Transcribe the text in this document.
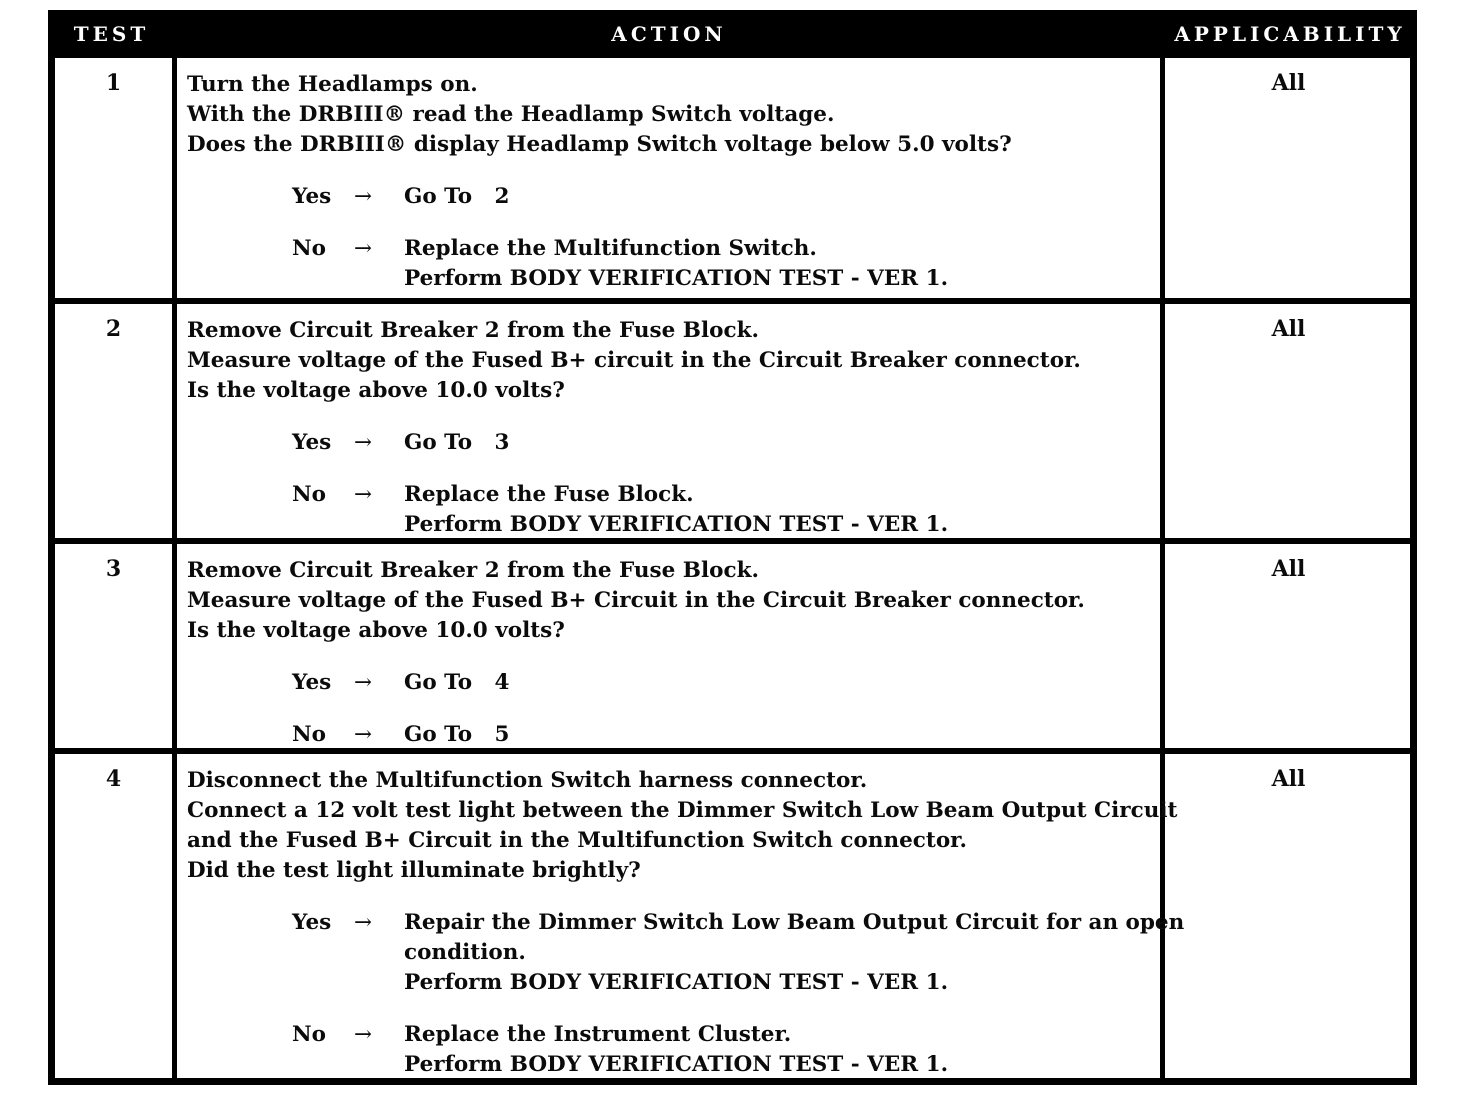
TEST	ACTION	APPLICABILITY
1	Turn the Headlamps on.
With the DRBIII® read the Headlamp Switch voltage.
Does the DRBIII® display Headlamp Switch voltage below 5.0 volts?
Yes	→	Go To   2
No	→	Replace the Multifunction Switch.
Perform BODY VERIFICATION TEST - VER 1.
All
2	Remove Circuit Breaker 2 from the Fuse Block.
Measure voltage of the Fused B+ circuit in the Circuit Breaker connector.
Is the voltage above 10.0 volts?
Yes	→	Go To   3
No	→	Replace the Fuse Block.
Perform BODY VERIFICATION TEST - VER 1.
All
3	Remove Circuit Breaker 2 from the Fuse Block.
Measure voltage of the Fused B+ Circuit in the Circuit Breaker connector.
Is the voltage above 10.0 volts?
Yes	→	Go To   4
No	→	Go To   5
All
4	Disconnect the Multifunction Switch harness connector.
Connect a 12 volt test light between the Dimmer Switch Low Beam Output Circuit
and the Fused B+ Circuit in the Multifunction Switch connector.
Did the test light illuminate brightly?
Yes	→	Repair the Dimmer Switch Low Beam Output Circuit for an open
condition.
Perform BODY VERIFICATION TEST - VER 1.
No	→	Replace the Instrument Cluster.
Perform BODY VERIFICATION TEST - VER 1.
All
